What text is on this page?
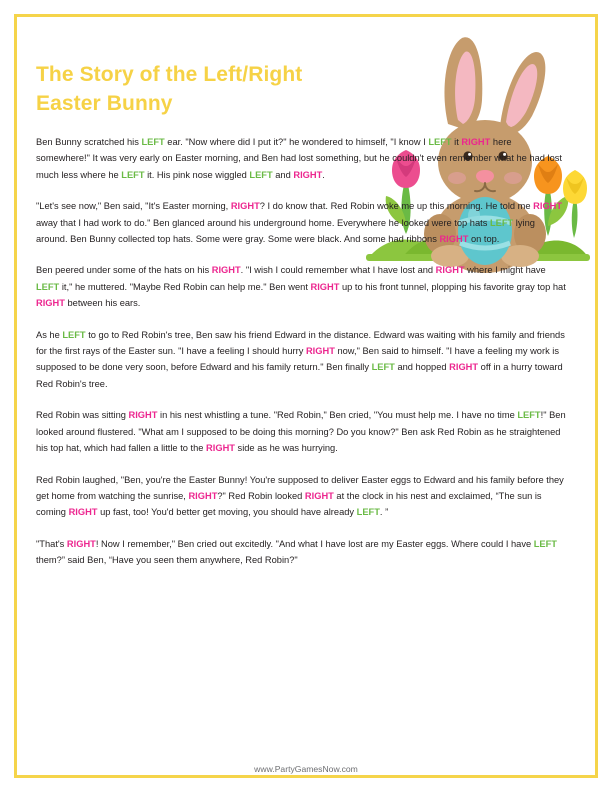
The Story of the Left/Right Easter Bunny

Ben Bunny scratched his LEFT ear. "Now where did I put it?" he wondered to himself, "I know I LEFT it RIGHT here somewhere!" It was very early on Easter morning, and Ben had lost something, but he couldn't even remember what he had lost much less where he LEFT it. His pink nose wiggled LEFT and RIGHT.

"Let's see now," Ben said, "It's Easter morning, RIGHT? I do know that. Red Robin woke me up this morning. He told me RIGHT away that I had work to do." Ben glanced around his underground home. Everywhere he looked were top hats LEFT lying around. Ben Bunny collected top hats. Some were gray. Some were black. And some had ribbons RIGHT on top.

Ben peered under some of the hats on his RIGHT. "I wish I could remember what I have lost and RIGHT where I might have LEFT it," he muttered. "Maybe Red Robin can help me." Ben went RIGHT up to his front tunnel, plopping his favorite gray top hat RIGHT between his ears.

As he LEFT to go to Red Robin's tree, Ben saw his friend Edward in the distance. Edward was waiting with his family and friends for the first rays of the Easter sun. "I have a feeling I should hurry RIGHT now," Ben said to himself. "I have a feeling my work is supposed to be done very soon, before Edward and his family return." Ben finally LEFT and hopped RIGHT off in a hurry toward Red Robin's tree.

Red Robin was sitting RIGHT in his nest whistling a tune. "Red Robin," Ben cried, "You must help me. I have no time LEFT!" Ben looked around flustered. "What am I supposed to be doing this morning? Do you know?" Ben ask Red Robin as he straightened his top hat, which had fallen a little to the RIGHT side as he was hurrying.

Red Robin laughed, "Ben, you're the Easter Bunny! You're supposed to deliver Easter eggs to Edward and his family before they get home from watching the sunrise, RIGHT?" Red Robin looked RIGHT at the clock in his nest and exclaimed, “The sun is coming RIGHT up fast, too! You'd better get moving, you should have already LEFT. ”

"That's RIGHT! Now I remember," Ben cried out excitedly. "And what I have lost are my Easter eggs. Where could I have LEFT them?” said Ben, “Have you seen them anywhere, Red Robin?"

www.PartyGamesNow.com
